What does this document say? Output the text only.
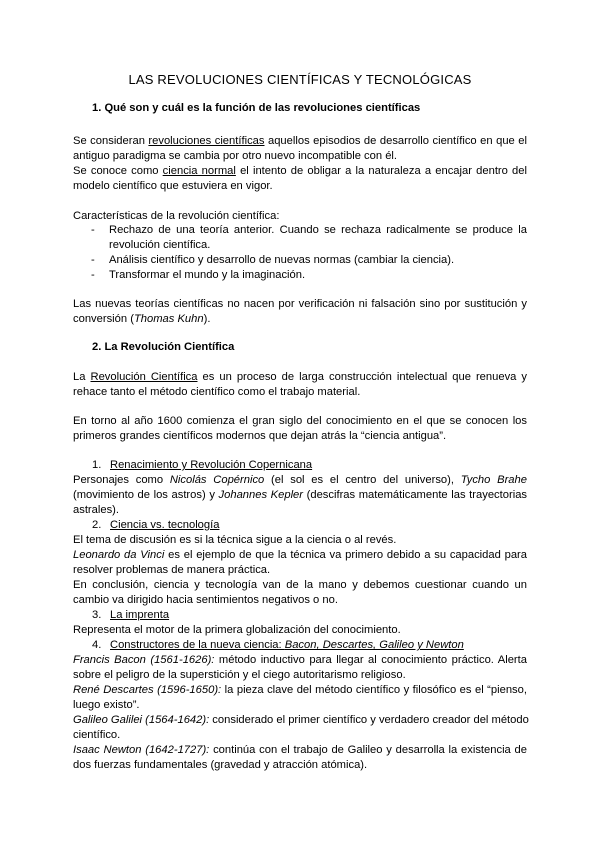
LAS REVOLUCIONES CIENTÍFICAS Y TECNOLÓGICAS
1. Qué son y cuál es la función de las revoluciones científicas
Se consideran revoluciones científicas aquellos episodios de desarrollo científico en que el
antiguo paradigma se cambia por otro nuevo incompatible con él.
Se conoce como ciencia normal el intento de obligar a la naturaleza a encajar dentro del
modelo científico que estuviera en vigor.
Características de la revolución científica:
-	Rechazo de una teoría anterior. Cuando se rechaza radicalmente se produce la
revolución científica.
-	Análisis científico y desarrollo de nuevas normas (cambiar la ciencia).
-	Transformar el mundo y la imaginación.
Las nuevas teorías científicas no nacen por verificación ni falsación sino por sustitución y
conversión (Thomas Kuhn).
2. La Revolución Científica
La Revolución Científica es un proceso de larga construcción intelectual que renueva y
rehace tanto el método científico como el trabajo material.
En torno al año 1600 comienza el gran siglo del conocimiento en el que se conocen los
primeros grandes científicos modernos que dejan atrás la “ciencia antigua”.
1. Renacimiento y Revolución Copernicana
Personajes como Nicolás Copérnico (el sol es el centro del universo), Tycho Brahe
(movimiento de los astros) y Johannes Kepler (descifras matemáticamente las trayectorias
astrales).
2. Ciencia vs. tecnología
El tema de discusión es si la técnica sigue a la ciencia o al revés.
Leonardo da Vinci es el ejemplo de que la técnica va primero debido a su capacidad para
resolver problemas de manera práctica.
En conclusión, ciencia y tecnología van de la mano y debemos cuestionar cuando un
cambio va dirigido hacia sentimientos negativos o no.
3. La imprenta
Representa el motor de la primera globalización del conocimiento.
4. Constructores de la nueva ciencia: Bacon, Descartes, Galileo y Newton
Francis Bacon (1561-1626): método inductivo para llegar al conocimiento práctico. Alerta
sobre el peligro de la superstición y el ciego autoritarismo religioso.
René Descartes (1596-1650): la pieza clave del método científico y filosófico es el “pienso,
luego existo”.
Galileo Galilei (1564-1642): considerado el primer científico y verdadero creador del método
científico.
Isaac Newton (1642-1727): continúa con el trabajo de Galileo y desarrolla la existencia de
dos fuerzas fundamentales (gravedad y atracción atómica).
